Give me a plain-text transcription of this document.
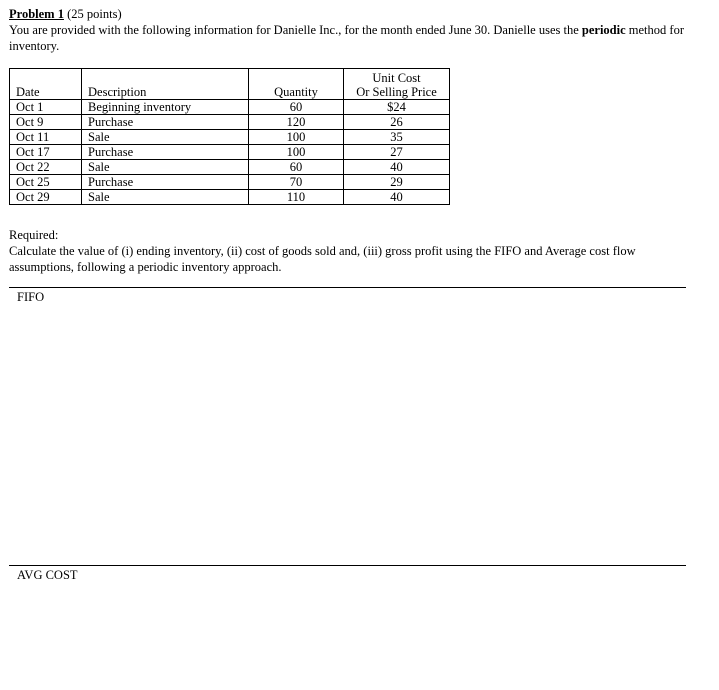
Problem 1 (25 points)
You are provided with the following information for Danielle Inc., for the month ended June 30. Danielle uses the periodic method for inventory.
Date	Description	Quantity	Unit Cost
Or Selling Price

Oct 1	Beginning inventory	60	$24
Oct 9	Purchase	120	26
Oct 11	Sale	100	35
Oct 17	Purchase	100	27
Oct 22	Sale	60	40
Oct 25	Purchase	70	29
Oct 29	Sale	110	40
Required:
Calculate the value of (i) ending inventory, (ii) cost of goods sold and, (iii) gross profit using the FIFO and Average cost flow assumptions, following a periodic inventory approach.
FIFO
AVG COST
